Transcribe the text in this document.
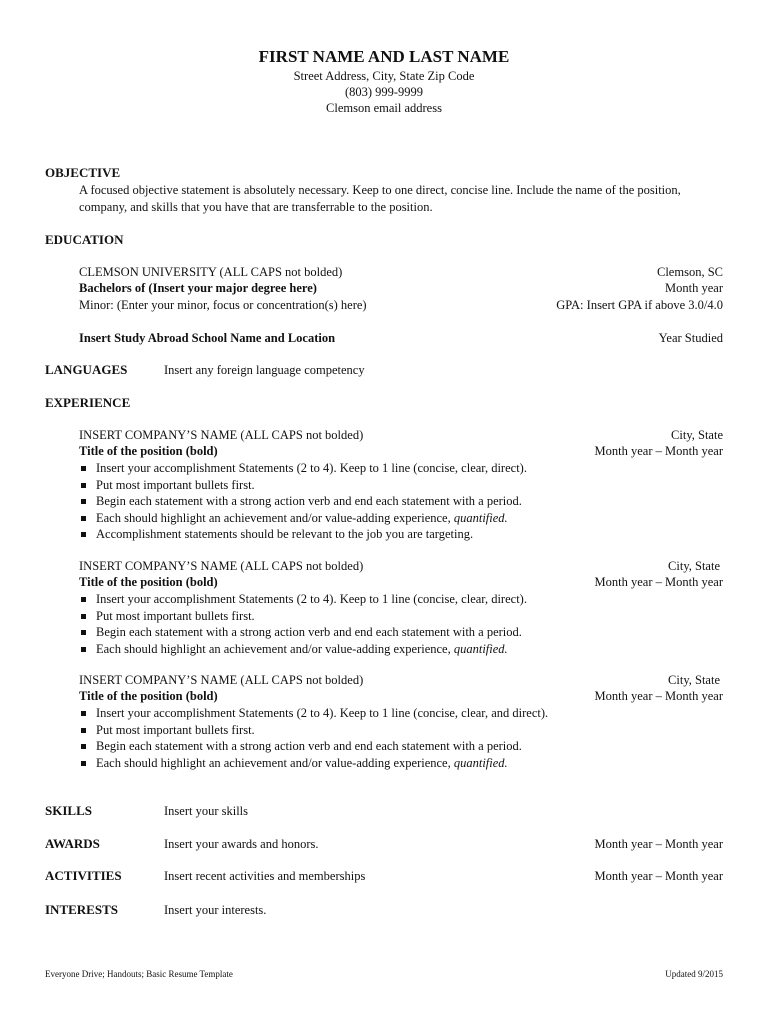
FIRST NAME AND LAST NAME
Street Address, City, State Zip Code
(803) 999-9999
Clemson email address
OBJECTIVE
A focused objective statement is absolutely necessary. Keep to one direct, concise line. Include the name of the position, company, and skills that you have that are transferrable to the position.
EDUCATION
CLEMSON UNIVERSITY (ALL CAPS not bolded)	Clemson, SC
Bachelors of (Insert your major degree here)	Month year
Minor: (Enter your minor, focus or concentration(s) here)	GPA: Insert GPA if above 3.0/4.0
Insert Study Abroad School Name and Location	Year Studied
LANGUAGES	Insert any foreign language competency
EXPERIENCE
INSERT COMPANY’S NAME (ALL CAPS not bolded)	City, State
Title of the position (bold)	Month year – Month year
Insert your accomplishment Statements (2 to 4). Keep to 1 line (concise, clear, direct).
Put most important bullets first.
Begin each statement with a strong action verb and end each statement with a period.
Each should highlight an achievement and/or value-adding experience, quantified.
Accomplishment statements should be relevant to the job you are targeting.
INSERT COMPANY’S NAME (ALL CAPS not bolded)	City, State
Title of the position (bold)	Month year – Month year
Insert your accomplishment Statements (2 to 4). Keep to 1 line (concise, clear, direct).
Put most important bullets first.
Begin each statement with a strong action verb and end each statement with a period.
Each should highlight an achievement and/or value-adding experience, quantified.
INSERT COMPANY’S NAME (ALL CAPS not bolded)	City, State
Title of the position (bold)	Month year – Month year
Insert your accomplishment Statements (2 to 4). Keep to 1 line (concise, clear, and direct).
Put most important bullets first.
Begin each statement with a strong action verb and end each statement with a period.
Each should highlight an achievement and/or value-adding experience, quantified.
SKILLS	Insert your skills
AWARDS	Insert your awards and honors.	Month year – Month year
ACTIVITIES	Insert recent activities and memberships	Month year – Month year
INTERESTS	Insert your interests.
Everyone Drive; Handouts; Basic Resume Template	Updated 9/2015
